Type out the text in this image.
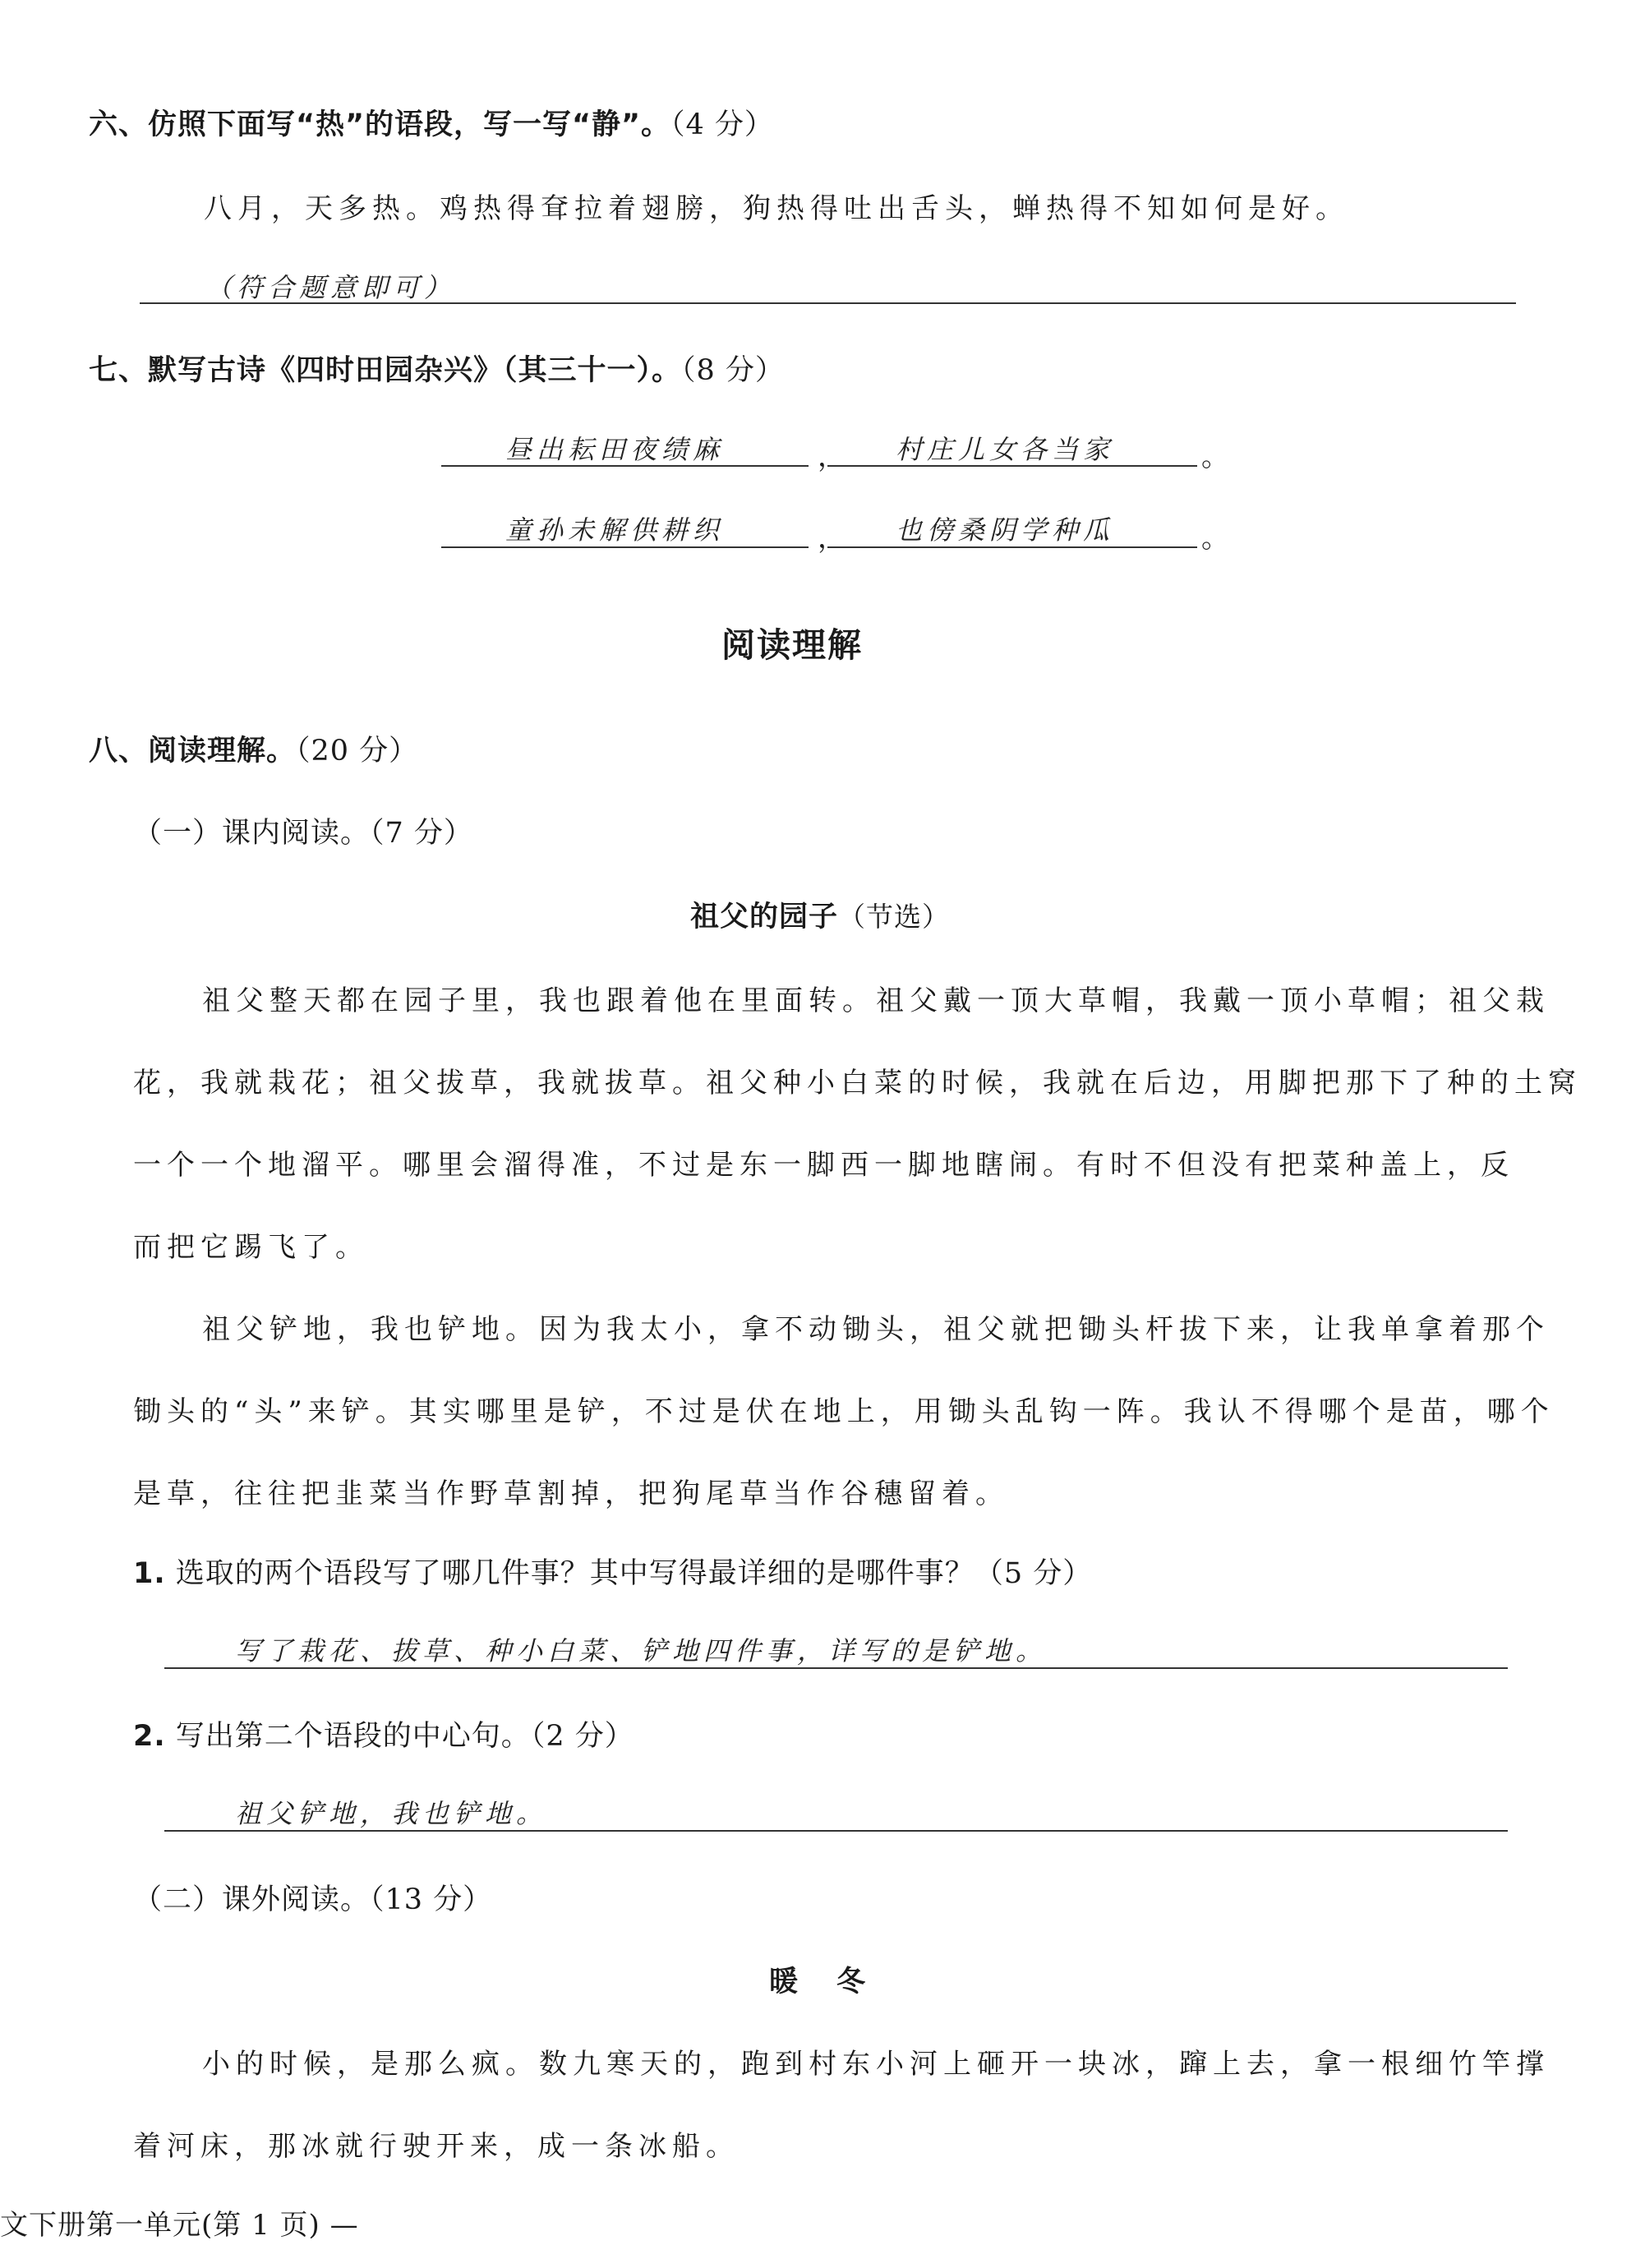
六、仿照下面写“热”的语段，写一写“静”。（4 分）
八月，天多热。鸡热得耷拉着翅膀，狗热得吐出舌头，蝉热得不知如何是好。
（符合题意即可）
七、默写古诗《四时田园杂兴》（其三十一）。（8 分）
昼出耘田夜绩麻	， 村庄儿女各当家	。
童孙未解供耕织	， 也傍桑阴学种瓜	。
阅读理解
八、阅读理解。（20 分）
（一）课内阅读。（7 分）
祖父的园子（节选）
祖父整天都在园子里，我也跟着他在里面转。祖父戴一顶大草帽，我戴一顶小草帽；祖父栽
花，我就栽花；祖父拔草，我就拔草。祖父种小白菜的时候，我就在后边，用脚把那下了种的土窝
一个一个地溜平。哪里会溜得准，不过是东一脚西一脚地瞎闹。有时不但没有把菜种盖上，反
而把它踢飞了。
祖父铲地，我也铲地。因为我太小，拿不动锄头，祖父就把锄头杆拔下来，让我单拿着那个
锄头的“头”来铲。其实哪里是铲，不过是伏在地上，用锄头乱钩一阵。我认不得哪个是苗，哪个
是草，往往把韭菜当作野草割掉，把狗尾草当作谷穗留着。
1. 选取的两个语段写了哪几件事？其中写得最详细的是哪件事？（5 分）
写了栽花、拔草、种小白菜、铲地四件事，详写的是铲地。
2. 写出第二个语段的中心句。（2 分）
祖父铲地，我也铲地。
（二）课外阅读。（13 分）
暖　冬
小的时候，是那么疯。数九寒天的，跑到村东小河上砸开一块冰，蹿上去，拿一根细竹竿撑
着河床，那冰就行驶开来，成一条冰船。
文下册第一单元(第 1 页) —
